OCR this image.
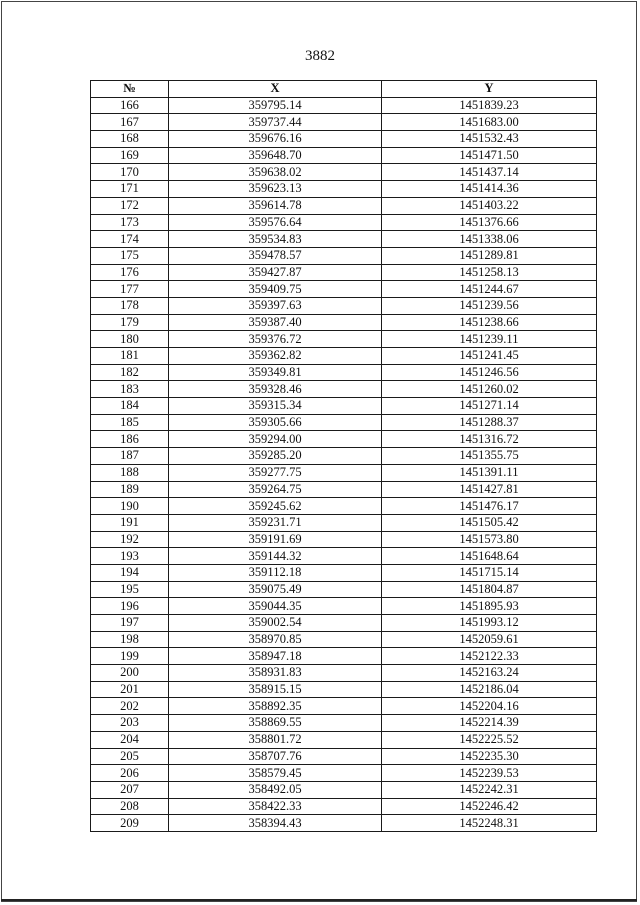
3882
№	X	Y
166	359795.14	1451839.23
167	359737.44	1451683.00
168	359676.16	1451532.43
169	359648.70	1451471.50
170	359638.02	1451437.14
171	359623.13	1451414.36
172	359614.78	1451403.22
173	359576.64	1451376.66
174	359534.83	1451338.06
175	359478.57	1451289.81
176	359427.87	1451258.13
177	359409.75	1451244.67
178	359397.63	1451239.56
179	359387.40	1451238.66
180	359376.72	1451239.11
181	359362.82	1451241.45
182	359349.81	1451246.56
183	359328.46	1451260.02
184	359315.34	1451271.14
185	359305.66	1451288.37
186	359294.00	1451316.72
187	359285.20	1451355.75
188	359277.75	1451391.11
189	359264.75	1451427.81
190	359245.62	1451476.17
191	359231.71	1451505.42
192	359191.69	1451573.80
193	359144.32	1451648.64
194	359112.18	1451715.14
195	359075.49	1451804.87
196	359044.35	1451895.93
197	359002.54	1451993.12
198	358970.85	1452059.61
199	358947.18	1452122.33
200	358931.83	1452163.24
201	358915.15	1452186.04
202	358892.35	1452204.16
203	358869.55	1452214.39
204	358801.72	1452225.52
205	358707.76	1452235.30
206	358579.45	1452239.53
207	358492.05	1452242.31
208	358422.33	1452246.42
209	358394.43	1452248.31
